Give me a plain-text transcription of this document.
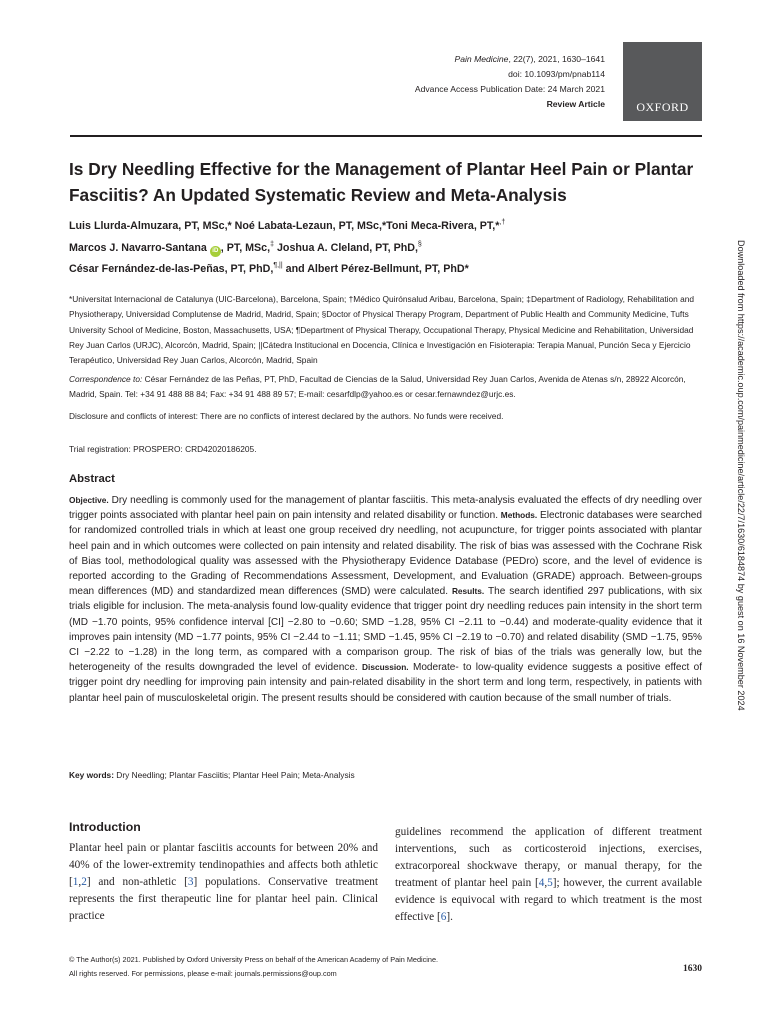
Pain Medicine, 22(7), 2021, 1630–1641
doi: 10.1093/pm/pnab114
Advance Access Publication Date: 24 March 2021
Review Article	OXFORD
Is Dry Needling Effective for the Management of Plantar Heel Pain or Plantar Fasciitis? An Updated Systematic Review and Meta-Analysis
Luis Llurda-Almuzara, PT, MSc,* Noé Labata-Lezaun, PT, MSc,*Toni Meca-Rivera, PT,*,†
Marcos J. Navarro-Santana iD , PT, MSc,‡ Joshua A. Cleland, PT, PhD,§
César Fernández-de-las-Peñas, PT, PhD,¶,|| and Albert Pérez-Bellmunt, PT, PhD*
*Universitat Internacional de Catalunya (UIC-Barcelona), Barcelona, Spain; †Médico Quirónsalud Aribau, Barcelona, Spain; ‡Department of Radiology, Rehabilitation and Physiotherapy, Universidad Complutense de Madrid, Madrid, Spain; §Doctor of Physical Therapy Program, Department of Public Health and Community Medicine, Tufts University School of Medicine, Boston, Massachusetts, USA; ¶Department of Physical Therapy, Occupational Therapy, Physical Medicine and Rehabilitation, Universidad Rey Juan Carlos (URJC), Alcorcón, Madrid, Spain; ||Cátedra Institucional en Docencia, Clínica e Investigación en Fisioterapia: Terapia Manual, Punción Seca y Ejercicio Terapéutico, Universidad Rey Juan Carlos, Alcorcón, Madrid, Spain
Correspondence to: César Fernández de las Peñas, PT, PhD, Facultad de Ciencias de la Salud, Universidad Rey Juan Carlos, Avenida de Atenas s/n, 28922 Alcorcón, Madrid, Spain. Tel: +34 91 488 88 84; Fax: +34 91 488 89 57; E-mail: cesarfdlp@yahoo.es or cesar.fernawndez@urjc.es.
Disclosure and conflicts of interest: There are no conflicts of interest declared by the authors. No funds were received.
Trial registration: PROSPERO: CRD42020186205.
Abstract
Objective. Dry needling is commonly used for the management of plantar fasciitis. This meta-analysis evaluated the effects of dry needling over trigger points associated with plantar heel pain on pain intensity and related disability or function. Methods. Electronic databases were searched for randomized controlled trials in which at least one group received dry needling, not acupuncture, for trigger points associated with plantar heel pain and in which outcomes were collected on pain intensity and related disability. The risk of bias was assessed with the Cochrane Risk of Bias tool, methodological quality was assessed with the Physiotherapy Evidence Database (PEDro) score, and the level of evidence is reported according to the Grading of Recommendations Assessment, Development, and Evaluation (GRADE) approach. Between-groups mean differences (MD) and standardized mean differences (SMD) were calculated. Results. The search identified 297 publications, with six trials eligible for inclusion. The meta-analysis found low-quality evidence that trigger point dry needling reduces pain intensity in the short term (MD −1.70 points, 95% confidence interval [CI] −2.80 to −0.60; SMD −1.28, 95% CI −2.11 to −0.44) and moderate-quality evidence that it improves pain intensity (MD −1.77 points, 95% CI −2.44 to −1.11; SMD −1.45, 95% CI −2.19 to −0.70) and related disability (SMD −1.75, 95% CI −2.22 to −1.28) in the long term, as compared with a comparison group. The risk of bias of the trials was generally low, but the heterogeneity of the results downgraded the level of evidence. Discussion. Moderate- to low-quality evidence suggests a positive effect of trigger point dry needling for improving pain intensity and pain-related disability in the short term and long term, respectively, in patients with plantar heel pain of musculoskeletal origin. The present results should be considered with caution because of the small number of trials.
Key words: Dry Needling; Plantar Fasciitis; Plantar Heel Pain; Meta-Analysis
Introduction
Plantar heel pain or plantar fasciitis accounts for between 20% and 40% of the lower-extremity tendinopathies and affects both athletic [1,2] and non-athletic [3] populations. Conservative treatment represents the first therapeutic line for plantar heel pain. Clinical practice
guidelines recommend the application of different treatment interventions, such as corticosteroid injections, exercises, extracorporeal shockwave therapy, or manual therapy, for the treatment of plantar heel pain [4,5]; however, the current available evidence is equivocal with regard to which treatment is the most effective [6].
© The Author(s) 2021. Published by Oxford University Press on behalf of the American Academy of Pain Medicine.
All rights reserved. For permissions, please e-mail: journals.permissions@oup.com	1630
Downloaded from https://academic.oup.com/painmedicine/article/22/7/1630/6184874 by guest on 16 November 2024
